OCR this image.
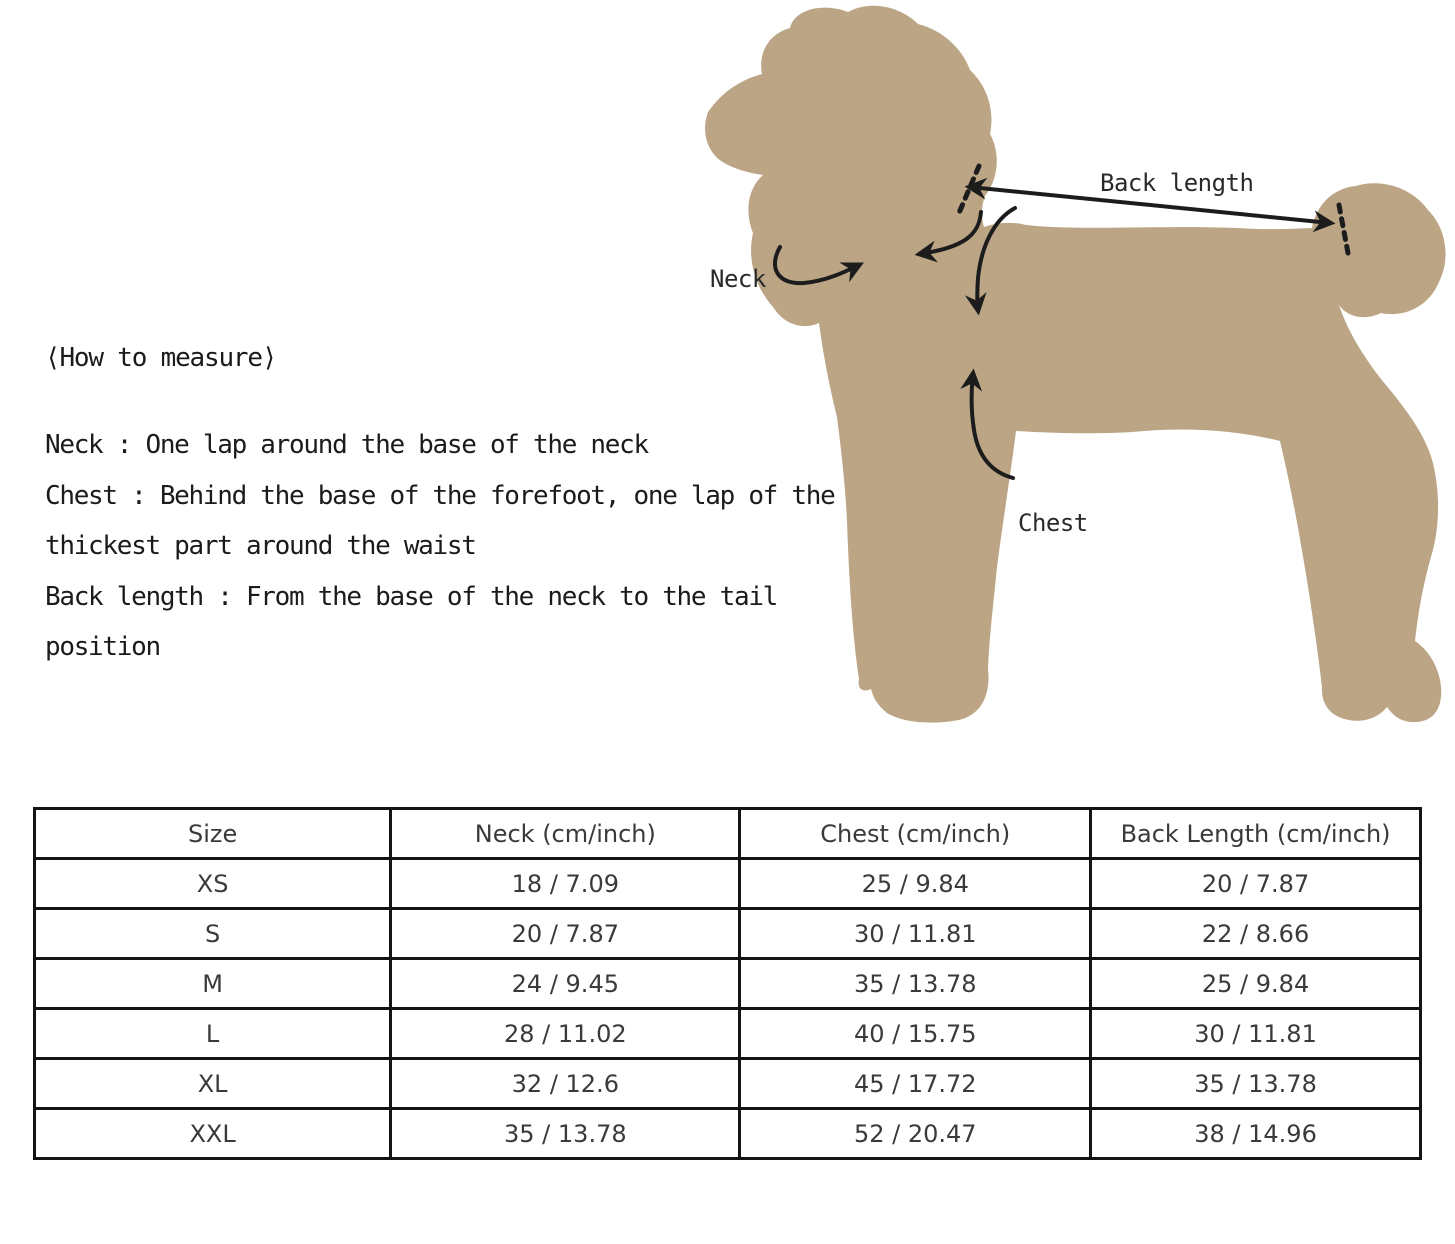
⟨How to measure⟩
Neck : One lap around the base of the neck
Chest : Behind the base of the forefoot, one lap of the
thickest part around the waist
Back length : From the base of the neck to the tail
position
Neck
Back length
Chest
Size	Neck (cm/inch)	Chest (cm/inch)	Back Length (cm/inch)
XS	18 / 7.09	25 / 9.84	20 / 7.87
S	20 / 7.87	30 / 11.81	22 / 8.66
M	24 / 9.45	35 / 13.78	25 / 9.84
L	28 / 11.02	40 / 15.75	30 / 11.81
XL	32 / 12.6	45 / 17.72	35 / 13.78
XXL	35 / 13.78	52 / 20.47	38 / 14.96
